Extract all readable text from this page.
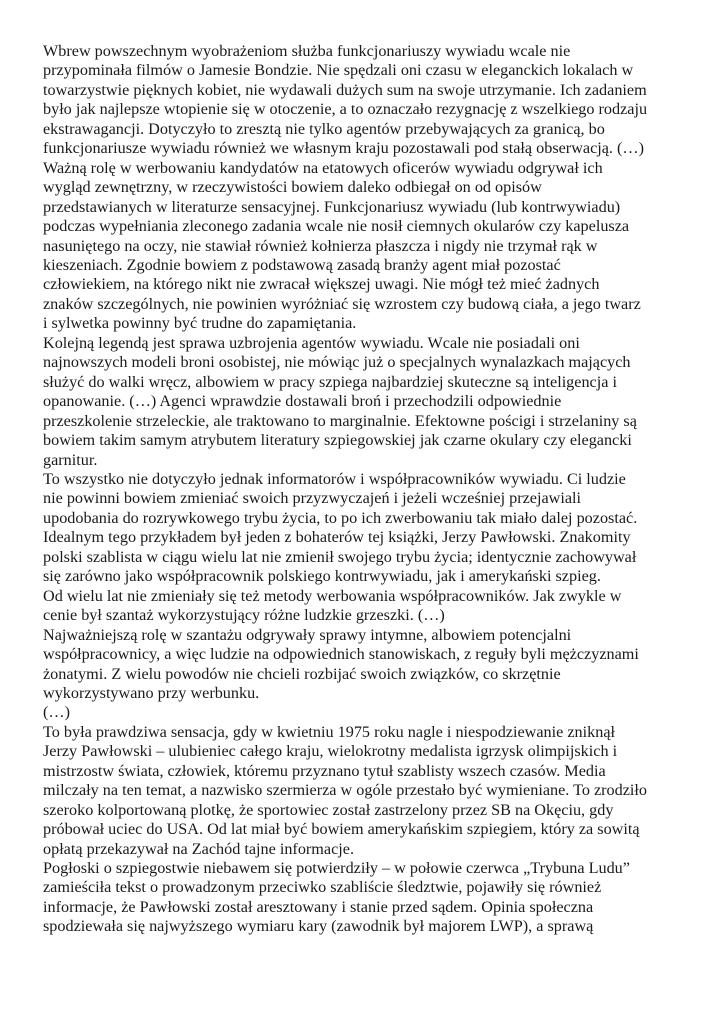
Wbrew powszechnym wyobrażeniom służba funkcjonariuszy wywiadu wcale nie
przypominała filmów o Jamesie Bondzie. Nie spędzali oni czasu w eleganckich lokalach w
towarzystwie pięknych kobiet, nie wydawali dużych sum na swoje utrzymanie. Ich zadaniem
było jak najlepsze wtopienie się w otoczenie, a to oznaczało rezygnację z wszelkiego rodzaju
ekstrawagancji. Dotyczyło to zresztą nie tylko agentów przebywających za granicą, bo
funkcjonariusze wywiadu również we własnym kraju pozostawali pod stałą obserwacją. (…)
Ważną rolę w werbowaniu kandydatów na etatowych oficerów wywiadu odgrywał ich
wygląd zewnętrzny, w rzeczywistości bowiem daleko odbiegał on od opisów
przedstawianych w literaturze sensacyjnej. Funkcjonariusz wywiadu (lub kontrwywiadu)
podczas wypełniania zleconego zadania wcale nie nosił ciemnych okularów czy kapelusza
nasuniętego na oczy, nie stawiał również kołnierza płaszcza i nigdy nie trzymał rąk w
kieszeniach. Zgodnie bowiem z podstawową zasadą branży agent miał pozostać
człowiekiem, na którego nikt nie zwracał większej uwagi. Nie mógł też mieć żadnych
znaków szczególnych, nie powinien wyróżniać się wzrostem czy budową ciała, a jego twarz
i sylwetka powinny być trudne do zapamiętania.

Kolejną legendą jest sprawa uzbrojenia agentów wywiadu. Wcale nie posiadali oni
najnowszych modeli broni osobistej, nie mówiąc już o specjalnych wynalazkach mających
służyć do walki wręcz, albowiem w pracy szpiega najbardziej skuteczne są inteligencja i
opanowanie. (…) Agenci wprawdzie dostawali broń i przechodzili odpowiednie
przeszkolenie strzeleckie, ale traktowano to marginalnie. Efektowne pościgi i strzelaniny są
bowiem takim samym atrybutem literatury szpiegowskiej jak czarne okulary czy elegancki
garnitur.

To wszystko nie dotyczyło jednak informatorów i współpracowników wywiadu. Ci ludzie
nie powinni bowiem zmieniać swoich przyzwyczajeń i jeżeli wcześniej przejawiali
upodobania do rozrywkowego trybu życia, to po ich zwerbowaniu tak miało dalej pozostać.
Idealnym tego przykładem był jeden z bohaterów tej książki, Jerzy Pawłowski. Znakomity
polski szablista w ciągu wielu lat nie zmienił swojego trybu życia; identycznie zachowywał
się zarówno jako współpracownik polskiego kontrwywiadu, jak i amerykański szpieg.

Od wielu lat nie zmieniały się też metody werbowania współpracowników. Jak zwykle w
cenie był szantaż wykorzystujący różne ludzkie grzeszki. (…)

Najważniejszą rolę w szantażu odgrywały sprawy intymne, albowiem potencjalni
współpracownicy, a więc ludzie na odpowiednich stanowiskach, z reguły byli mężczyznami
żonatymi. Z wielu powodów nie chcieli rozbijać swoich związków, co skrzętnie
wykorzystywano przy werbunku.

(…)

To była prawdziwa sensacja, gdy w kwietniu 1975 roku nagle i niespodziewanie zniknął
Jerzy Pawłowski – ulubieniec całego kraju, wielokrotny medalista igrzysk olimpijskich i
mistrzostw świata, człowiek, któremu przyznano tytuł szablisty wszech czasów. Media
milczały na ten temat, a nazwisko szermierza w ogóle przestało być wymieniane. To zrodziło
szeroko kolportowaną plotkę, że sportowiec został zastrzelony przez SB na Okęciu, gdy
próbował uciec do USA. Od lat miał być bowiem amerykańskim szpiegiem, który za sowitą
opłatą przekazywał na Zachód tajne informacje.

Pogłoski o szpiegostwie niebawem się potwierdziły – w połowie czerwca „Trybuna Ludu”
zamieściła tekst o prowadzonym przeciwko szabliście śledztwie, pojawiły się również
informacje, że Pawłowski został aresztowany i stanie przed sądem. Opinia społeczna
spodziewała się najwyższego wymiaru kary (zawodnik był majorem LWP), a sprawą
